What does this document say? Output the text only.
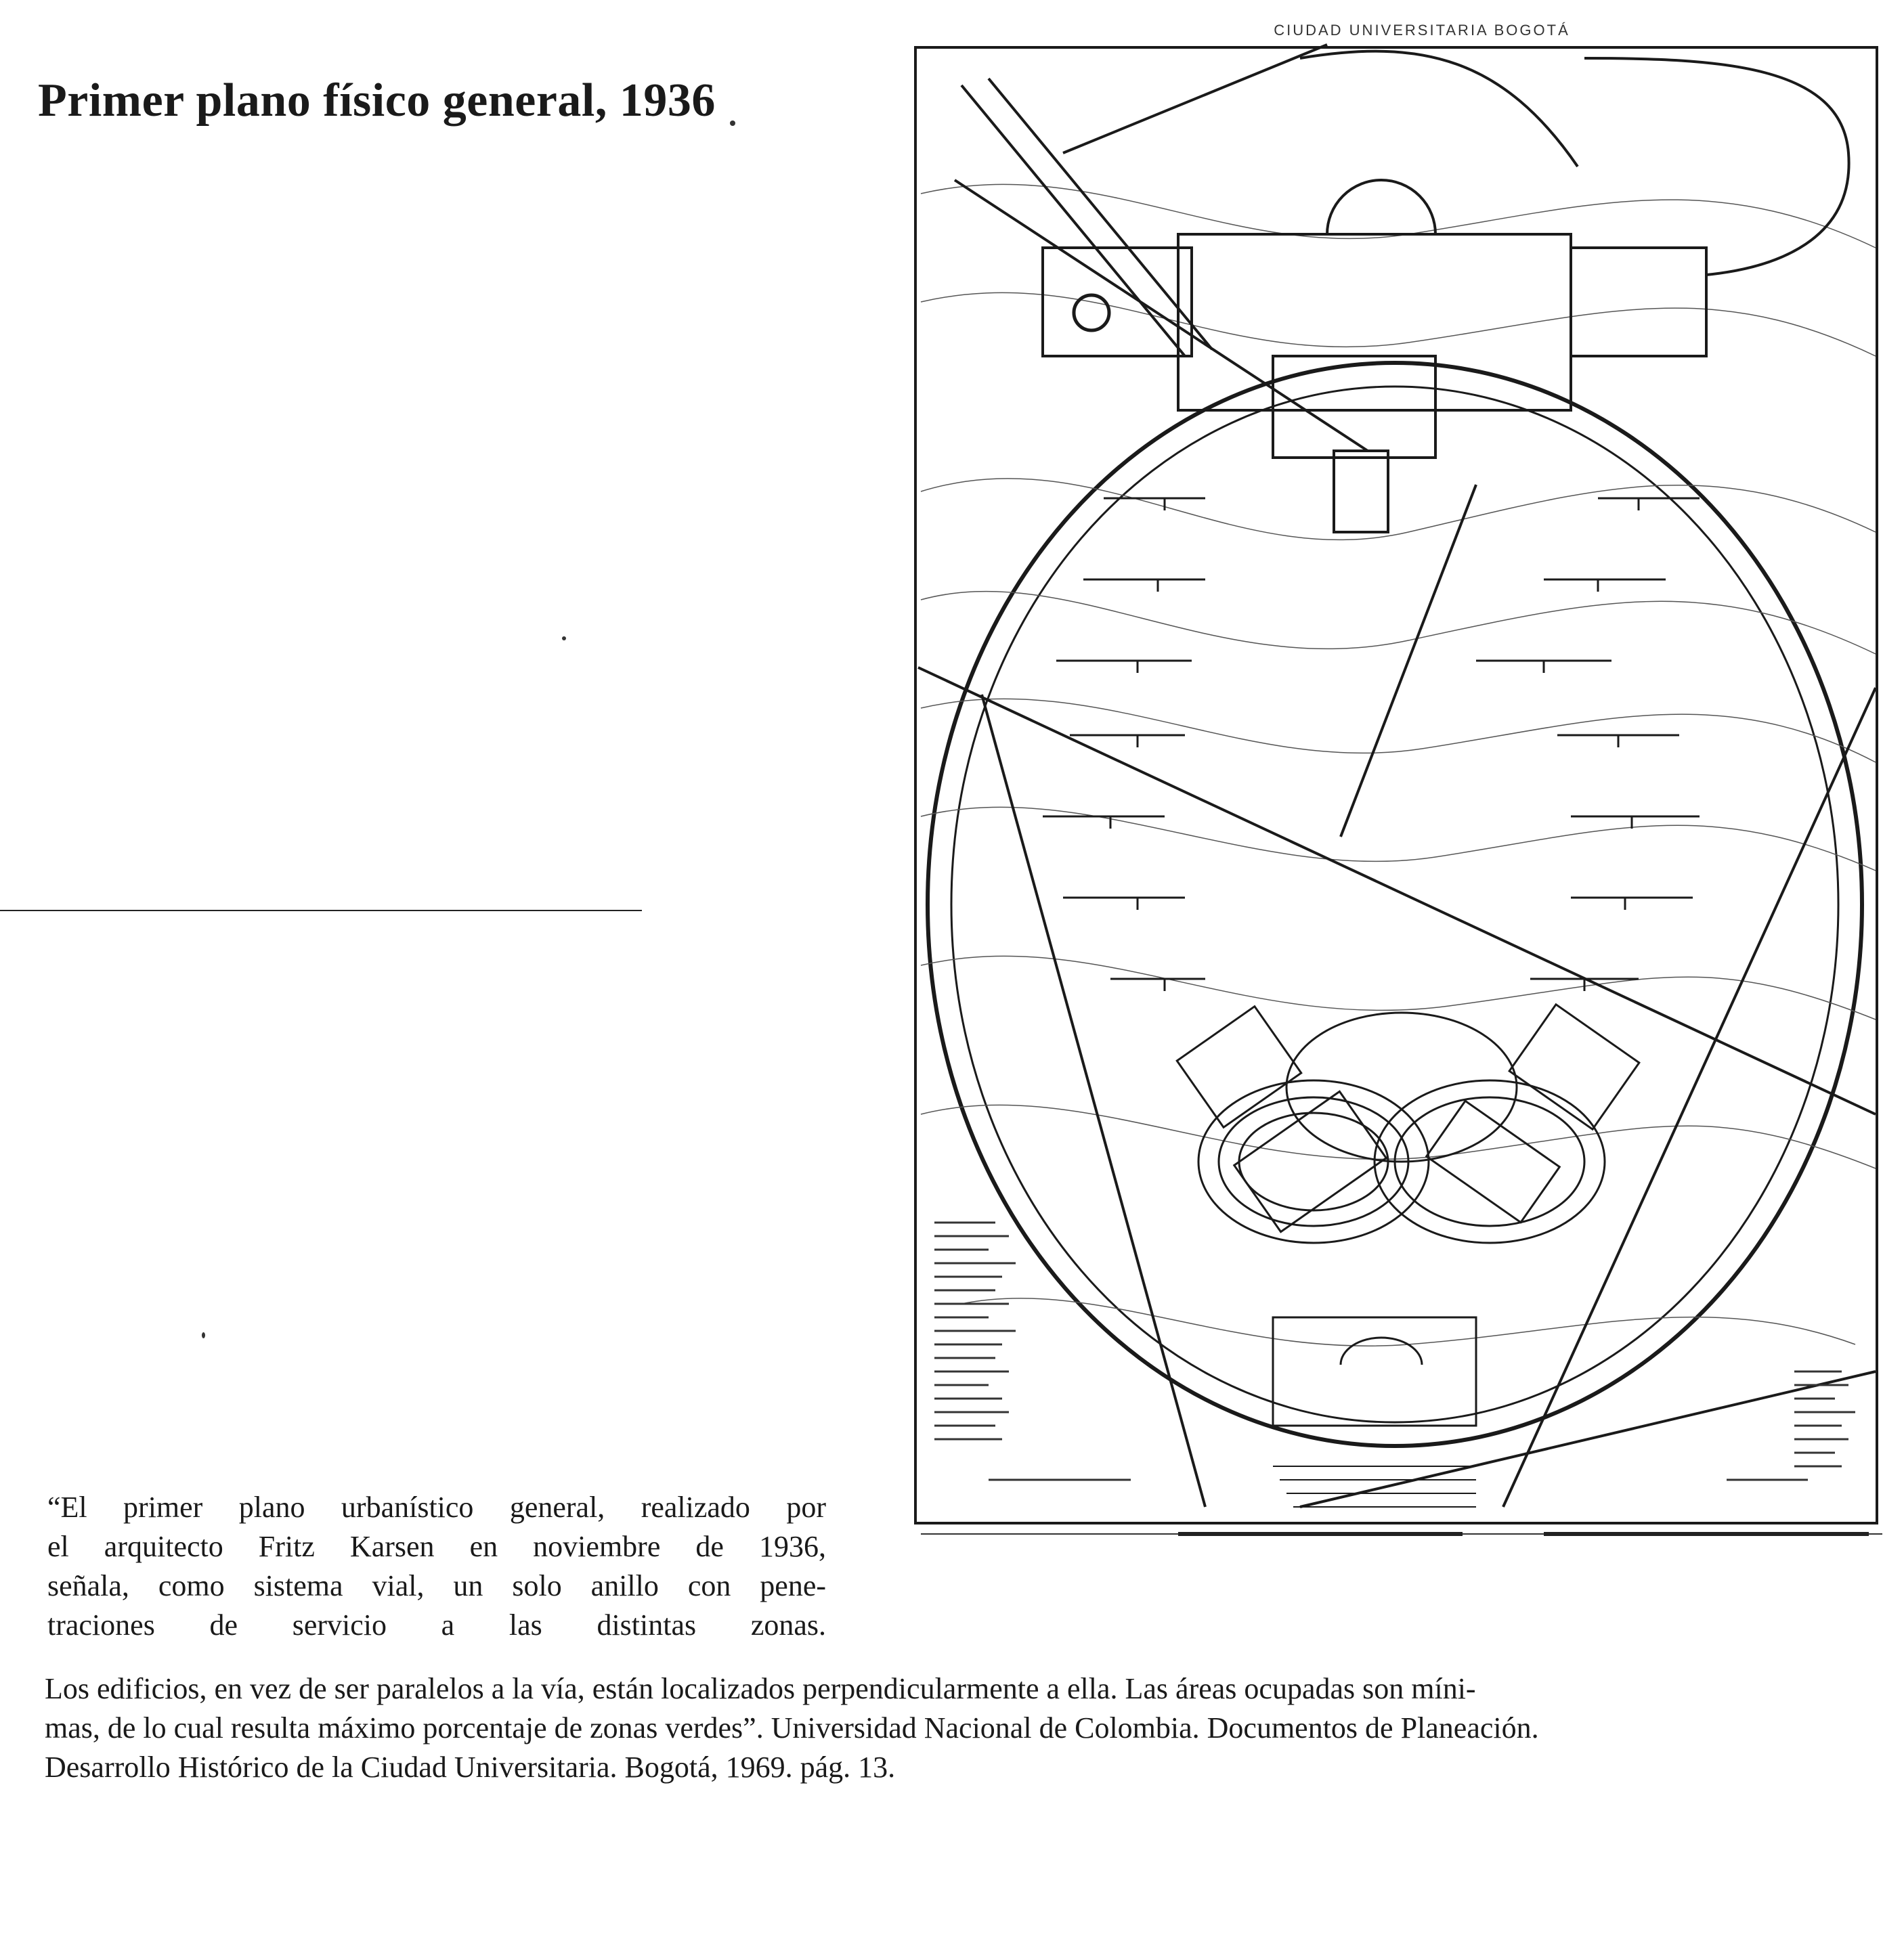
Primer plano físico general, 1936
CIUDAD UNIVERSITARIA BOGOTÁ
“El primer plano urbanístico general, realizado por
el arquitecto Fritz Karsen en noviembre de 1936,
señala, como sistema vial, un solo anillo con pene-
traciones de servicio a las distintas zonas.
Los edificios, en vez de ser paralelos a la vía, están localizados perpendicularmente a ella. Las áreas ocupadas son míni-
mas, de lo cual resulta máximo porcentaje de zonas verdes”. Universidad Nacional de Colombia. Documentos de Planeación.
Desarrollo Histórico de la Ciudad Universitaria. Bogotá, 1969. pág. 13.
